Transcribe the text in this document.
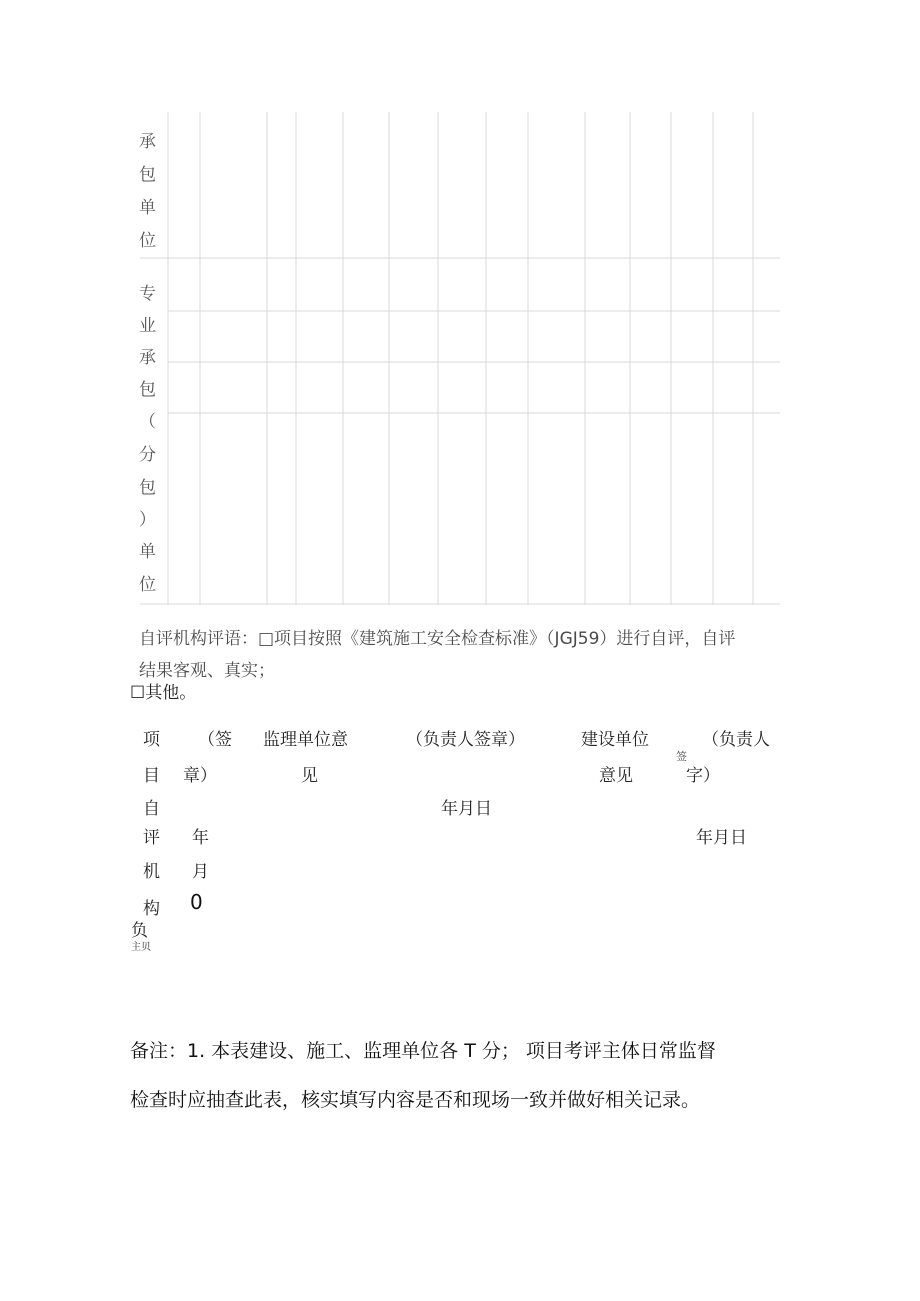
承
包
单
位
专
业
承
包
（
分
包
）
单
位
自评机构评语：□项目按照《建筑施工安全检查标准》（JGJ59）进行自评，自评
结果客观、真实；
☐其他。
项
目
自
评
机
构
负
主贝
（签
章）
年
月
0
监理单位意
见
（负责人签章）
年月日
建设单位
意见
（负责人
签
字）
年月日
备注：1. 本表建设、施工、监理单位各 T 分； 项目考评主体日常监督
检查时应抽查此表，核实填写内容是否和现场一致并做好相关记录。
